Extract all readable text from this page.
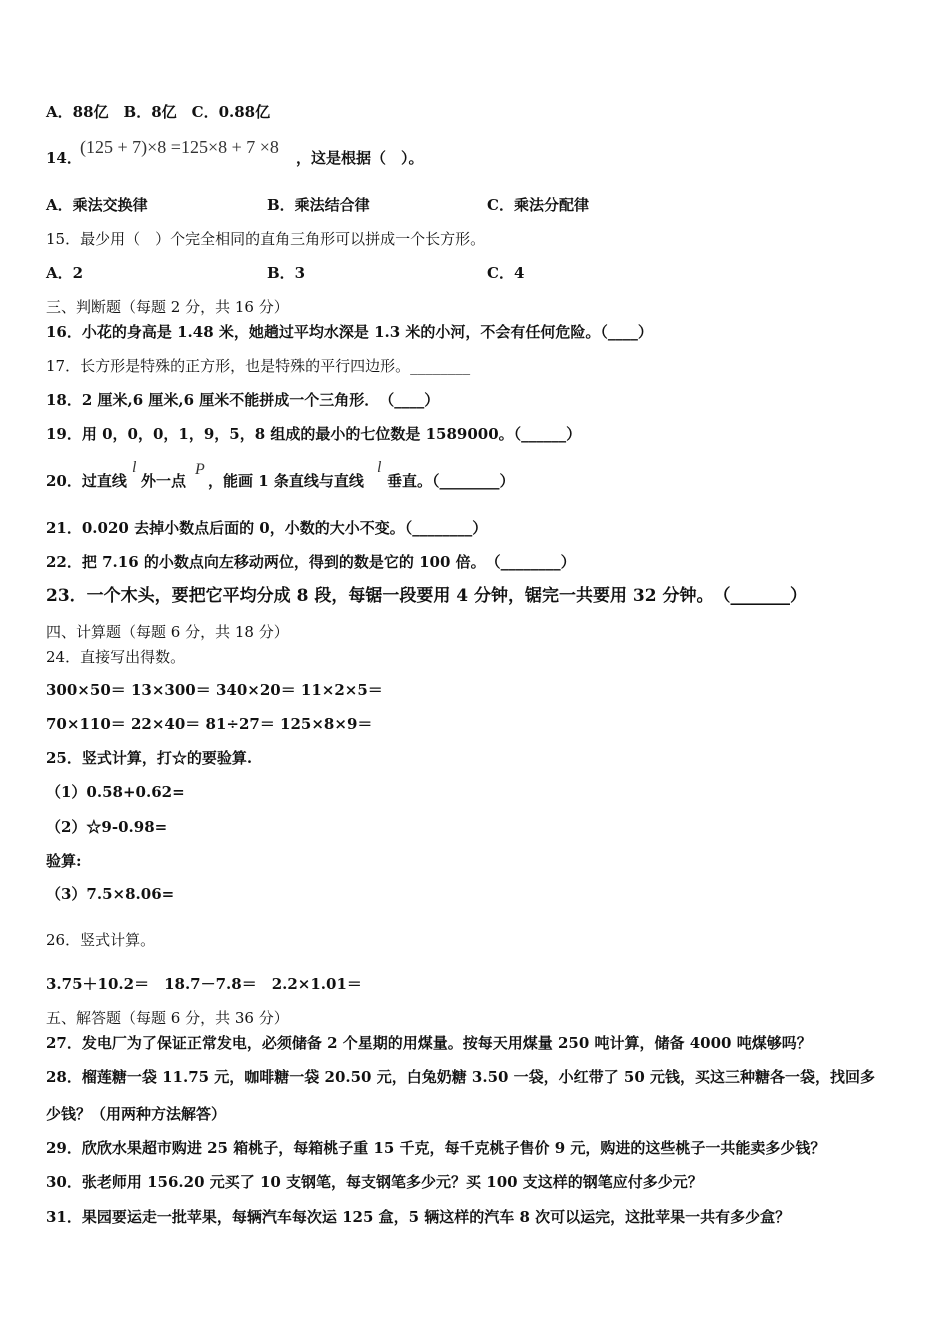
A．88亿　B．8亿　C．0.88亿
14．
(125 + 7)×8 =125×8 + 7 ×8
，这是根据（　）。
A．乘法交换律	B．乘法结合律	C．乘法分配律
15．最少用（　）个完全相同的直角三角形可以拼成一个长方形。
A．2	B．3	C．4
三、判断题（每题 2 分，共 16 分）
16．小花的身高是 1.48 米，她趟过平均水深是 1.3 米的小河，不会有任何危险。（____）
17．长方形是特殊的正方形，也是特殊的平行四边形。________
18．2 厘米,6 厘米,6 厘米不能拼成一个三角形．　（____）
19．用 0，0，0，1，9，5，8 组成的最小的七位数是 1589000。（______）
20．过直线
l
外一点
P
，能画 1 条直线与直线
l
垂直。（________）
21．0.020 去掉小数点后面的 0，小数的大小不变。（________）
22．把 7.16 的小数点向左移动两位，得到的数是它的 100 倍。　（________）
23．一个木头，要把它平均分成 8 段，每锯一段要用 4 分钟，锯完一共要用 32 分钟。　（_______）
四、计算题（每题 6 分，共 18 分）
24．直接写出得数。
300×50＝ 13×300＝ 340×20＝ 11×2×5＝
70×110＝ 22×40＝ 81÷27＝ 125×8×9＝
25．竖式计算，打☆的要验算.
（1）0.58+0.62=
（2）☆9-0.98=
验算:
（3）7.5×8.06=
26．竖式计算。
3.75＋10.2＝　18.7－7.8＝　2.2×1.01＝
五、解答题（每题 6 分，共 36 分）
27．发电厂为了保证正常发电，必须储备 2 个星期的用煤量。按每天用煤量 250 吨计算，储备 4000 吨煤够吗？
28．榴莲糖一袋 11.75 元，咖啡糖一袋 20.50 元，白兔奶糖 3.50 一袋，小红带了 50 元钱，买这三种糖各一袋，找回多
少钱？（用两种方法解答）
29．欣欣水果超市购进 25 箱桃子，每箱桃子重 15 千克，每千克桃子售价 9 元，购进的这些桃子一共能卖多少钱？
30．张老师用 156.20 元买了 10 支钢笔，每支钢笔多少元？买 100 支这样的钢笔应付多少元？
31．果园要运走一批苹果，每辆汽车每次运 125 盒，5 辆这样的汽车 8 次可以运完，这批苹果一共有多少盒？
